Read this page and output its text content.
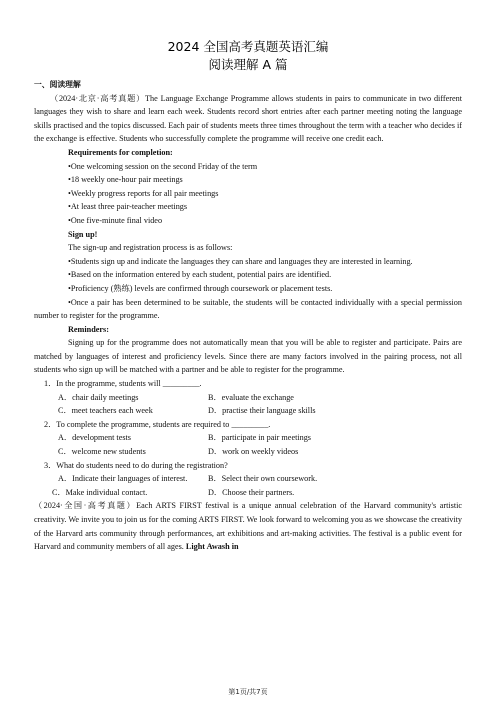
2024 全国高考真题英语汇编
阅读理解 A 篇
一、阅读理解

（2024·北京·高考真题）The Language Exchange Programme allows students in pairs to communicate in two different languages they wish to share and learn each week. Students record short entries after each partner meeting noting the language skills practised and the topics discussed. Each pair of students meets three times throughout the term with a teacher who decides if the exchange is effective. Students who successfully complete the programme will receive one credit each.

Requirements for completion:

•One welcoming session on the second Friday of the term

•18 weekly one-hour pair meetings

•Weekly progress reports for all pair meetings

•At least three pair-teacher meetings

•One five-minute final video

Sign up!

The sign-up and registration process is as follows:

•Students sign up and indicate the languages they can share and languages they are interested in learning.

•Based on the information entered by each student, potential pairs are identified.

•Proficiency (熟练) levels are confirmed through coursework or placement tests.

•Once a pair has been determined to be suitable, the students will be contacted individually with a special permission number to register for the programme.

Reminders:

Signing up for the programme does not automatically mean that you will be able to register and participate. Pairs are matched by languages of interest and proficiency levels. Since there are many factors involved in the pairing process, not all students who sign up will be matched with a partner and be able to register for the programme.

1．In the programme, students will _________.

A．chair daily meetings	B．evaluate the exchange
C．meet teachers each week	D．practise their language skills

2．To complete the programme, students are required to _________.

A．development tests	B．participate in pair meetings
C．welcome new students	D．work on weekly videos

3．What do students need to do during the registration?

A．Indicate their languages of interest.	B．Select their own coursework.
C．Make individual contact.	D．Choose their partners.

（2024·全国·高考真题）Each ARTS FIRST festival is a unique annual celebration of the Harvard community's artistic creativity. We invite you to join us for the coming ARTS FIRST. We look forward to welcoming you as we showcase the creativity of the Harvard arts community through performances, art exhibitions and art-making activities. The festival is a public event for Harvard and community members of all ages. Light Awash in

第1页/共7页
